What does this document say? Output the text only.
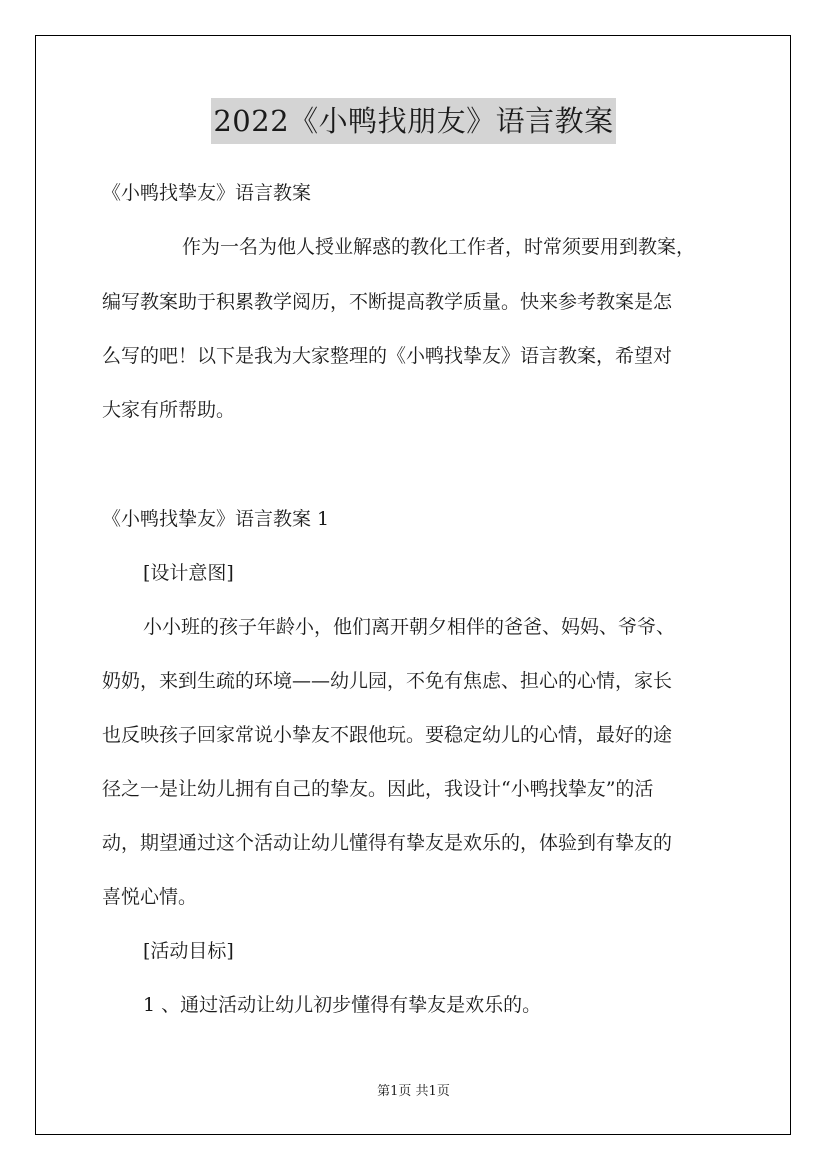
2022《小鸭找朋友》语言教案
《小鸭找挚友》语言教案
作为一名为他人授业解惑的教化工作者，时常须要用到教案，
编写教案助于积累教学阅历，不断提高教学质量。快来参考教案是怎
么写的吧！以下是我为大家整理的《小鸭找挚友》语言教案，希望对
大家有所帮助。
《小鸭找挚友》语言教案 1
[设计意图]
小小班的孩子年龄小，他们离开朝夕相伴的爸爸、妈妈、爷爷、
奶奶，来到生疏的环境——幼儿园，不免有焦虑、担心的心情，家长
也反映孩子回家常说小挚友不跟他玩。要稳定幼儿的心情，最好的途
径之一是让幼儿拥有自己的挚友。因此，我设计“小鸭找挚友”的活
动，期望通过这个活动让幼儿懂得有挚友是欢乐的，体验到有挚友的
喜悦心情。
[活动目标]
1 、通过活动让幼儿初步懂得有挚友是欢乐的。
第1页 共1页
